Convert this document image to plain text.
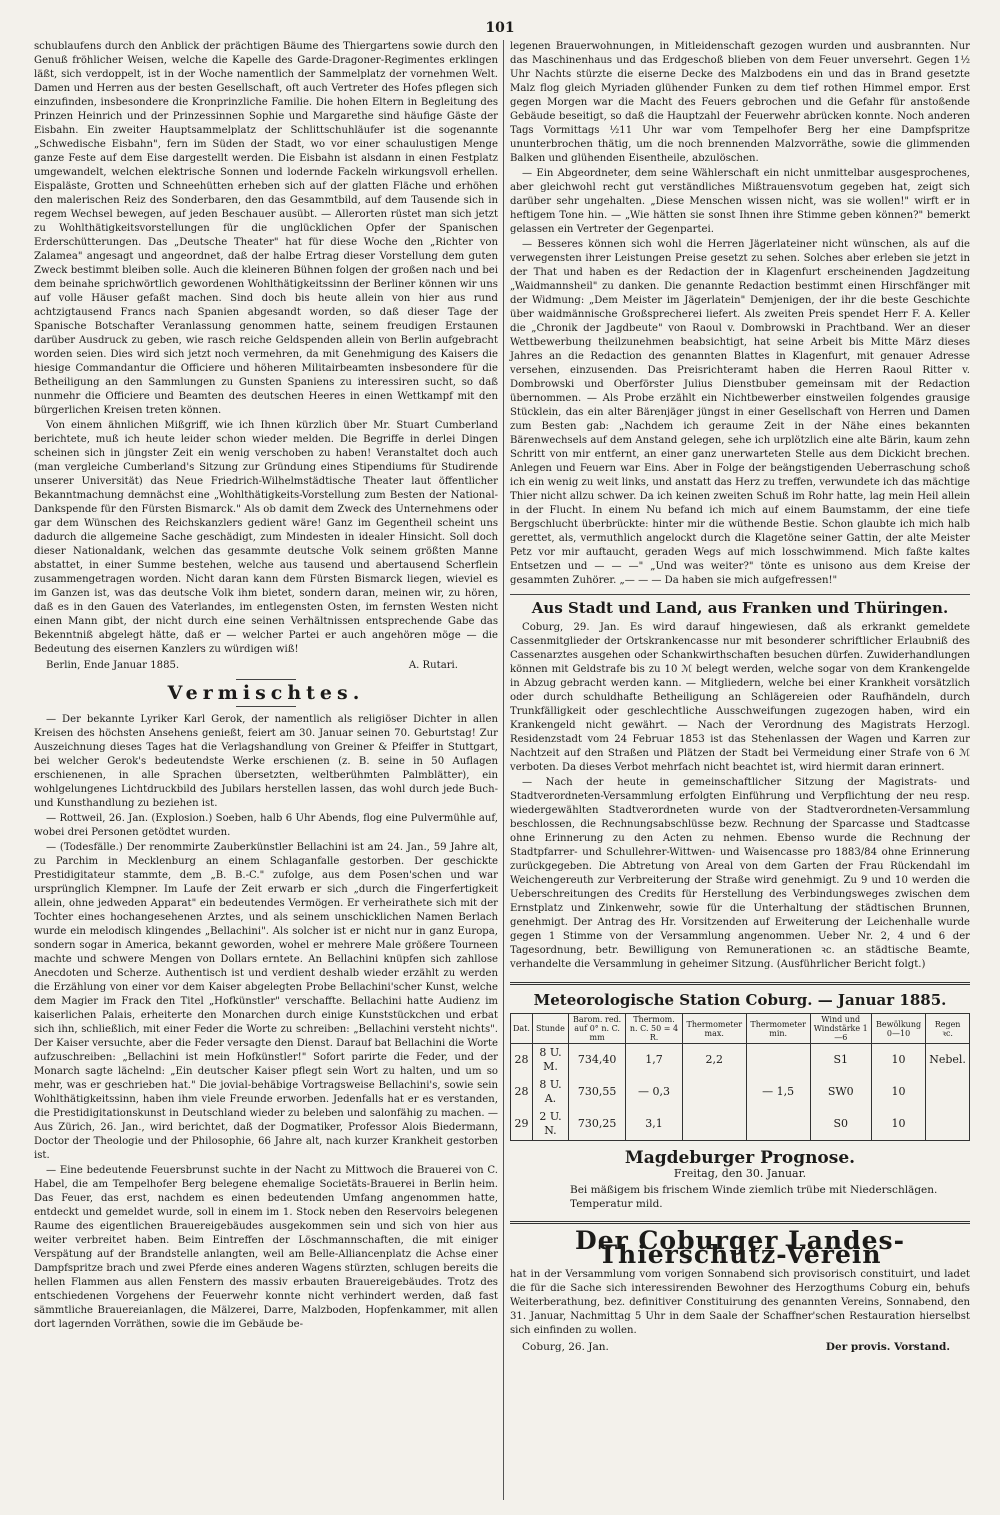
101

schublaufens durch den Anblick der prächtigen Bäume des Thiergartens sowie durch den Genuß fröhlicher Weisen, welche die Kapelle des Garde-Dragoner-Regimentes erklingen läßt, sich verdoppelt, ist in der Woche namentlich der Sammelplatz der vornehmen Welt. Damen und Herren aus der besten Gesellschaft, oft auch Vertreter des Hofes pflegen sich einzufinden, insbesondere die Kronprinzliche Familie. Die hohen Eltern in Begleitung des Prinzen Heinrich und der Prinzessinnen Sophie und Margarethe sind häufige Gäste der Eisbahn. Ein zweiter Hauptsammelplatz der Schlittschuhläufer ist die sogenannte „Schwedische Eisbahn", fern im Süden der Stadt, wo vor einer schaulustigen Menge ganze Feste auf dem Eise dargestellt werden. Die Eisbahn ist alsdann in einen Festplatz umgewandelt, welchen elektrische Sonnen und lodernde Fackeln wirkungsvoll erhellen. Eispaläste, Grotten und Schneehütten erheben sich auf der glatten Fläche und erhöhen den malerischen Reiz des Sonderbaren, den das Gesammtbild, auf dem Tausende sich in regem Wechsel bewegen, auf jeden Beschauer ausübt. — Allerorten rüstet man sich jetzt zu Wohlthätigkeitsvorstellungen für die unglücklichen Opfer der Spanischen Erderschütterungen. Das „Deutsche Theater" hat für diese Woche den „Richter von Zalamea" angesagt und angeordnet, daß der halbe Ertrag dieser Vorstellung dem guten Zweck bestimmt bleiben solle. Auch die kleineren Bühnen folgen der großen nach und bei dem beinahe sprichwörtlich gewordenen Wohlthätigkeitssinn der Berliner können wir uns auf volle Häuser gefaßt machen. Sind doch bis heute allein von hier aus rund achtzigtausend Francs nach Spanien abgesandt worden, so daß dieser Tage der Spanische Botschafter Veranlassung genommen hatte, seinem freudigen Erstaunen darüber Ausdruck zu geben, wie rasch reiche Geldspenden allein von Berlin aufgebracht worden seien. Dies wird sich jetzt noch vermehren, da mit Genehmigung des Kaisers die hiesige Commandantur die Officiere und höheren Militairbeamten insbesondere für die Betheiligung an den Sammlungen zu Gunsten Spaniens zu interessiren sucht, so daß nunmehr die Officiere und Beamten des deutschen Heeres in einen Wettkampf mit den bürgerlichen Kreisen treten können.

Von einem ähnlichen Mißgriff, wie ich Ihnen kürzlich über Mr. Stuart Cumberland berichtete, muß ich heute leider schon wieder melden. Die Begriffe in derlei Dingen scheinen sich in jüngster Zeit ein wenig verschoben zu haben! Veranstaltet doch auch (man vergleiche Cumberland's Sitzung zur Gründung eines Stipendiums für Studirende unserer Universität) das Neue Friedrich-Wilhelmstädtische Theater laut öffentlicher Bekanntmachung demnächst eine „Wohlthätigkeits-Vorstellung zum Besten der National-Dankspende für den Fürsten Bismarck." Als ob damit dem Zweck des Unternehmens oder gar dem Wünschen des Reichskanzlers gedient wäre! Ganz im Gegentheil scheint uns dadurch die allgemeine Sache geschädigt, zum Mindesten in idealer Hinsicht. Soll doch dieser Nationaldank, welchen das gesammte deutsche Volk seinem größten Manne abstattet, in einer Summe bestehen, welche aus tausend und abertausend Scherflein zusammengetragen worden. Nicht daran kann dem Fürsten Bismarck liegen, wieviel es im Ganzen ist, was das deutsche Volk ihm bietet, sondern daran, meinen wir, zu hören, daß es in den Gauen des Vaterlandes, im entlegensten Osten, im fernsten Westen nicht einen Mann gibt, der nicht durch eine seinen Verhältnissen entsprechende Gabe das Bekenntniß abgelegt hätte, daß er — welcher Partei er auch angehören möge — die Bedeutung des eisernen Kanzlers zu würdigen wiß!

Berlin, Ende Januar 1885.	A. Rutari.
Vermischtes.

— Der bekannte Lyriker Karl Gerok, der namentlich als religiöser Dichter in allen Kreisen des höchsten Ansehens genießt, feiert am 30. Januar seinen 70. Geburtstag! Zur Auszeichnung dieses Tages hat die Verlagshandlung von Greiner & Pfeiffer in Stuttgart, bei welcher Gerok's bedeutendste Werke erschienen (z. B. seine in 50 Auflagen erschienenen, in alle Sprachen übersetzten, weltberühmten Palmblätter), ein wohlgelungenes Lichtdruckbild des Jubilars herstellen lassen, das wohl durch jede Buch- und Kunsthandlung zu beziehen ist.

— Rottweil, 26. Jan. (Explosion.) Soeben, halb 6 Uhr Abends, flog eine Pulvermühle auf, wobei drei Personen getödtet wurden.

— (Todesfälle.) Der renommirte Zauberkünstler Bellachini ist am 24. Jan., 59 Jahre alt, zu Parchim in Mecklenburg an einem Schlaganfalle gestorben. Der geschickte Prestidigitateur stammte, dem „B. B.-C." zufolge, aus dem Posen'schen und war ursprünglich Klempner. Im Laufe der Zeit erwarb er sich „durch die Fingerfertigkeit allein, ohne jedweden Apparat" ein bedeutendes Vermögen. Er verheirathete sich mit der Tochter eines hochangesehenen Arztes, und als seinem unschicklichen Namen Berlach wurde ein melodisch klingendes „Bellachini". Als solcher ist er nicht nur in ganz Europa, sondern sogar in America, bekannt geworden, wohel er mehrere Male größere Tourneen machte und schwere Mengen von Dollars erntete. An Bellachini knüpfen sich zahllose Anecdoten und Scherze. Authentisch ist und verdient deshalb wieder erzählt zu werden die Erzählung von einer vor dem Kaiser abgelegten Probe Bellachini'scher Kunst, welche dem Magier im Frack den Titel „Hofkünstler" verschaffte. Bellachini hatte Audienz im kaiserlichen Palais, erheiterte den Monarchen durch einige Kunststückchen und erbat sich ihn, schließlich, mit einer Feder die Worte zu schreiben: „Bellachini versteht nichts". Der Kaiser versuchte, aber die Feder versagte den Dienst. Darauf bat Bellachini die Worte aufzuschreiben: „Bellachini ist mein Hofkünstler!" Sofort parirte die Feder, und der Monarch sagte lächelnd: „Ein deutscher Kaiser pflegt sein Wort zu halten, und um so mehr, was er geschrieben hat." Die jovial-behäbige Vortragsweise Bellachini's, sowie sein Wohlthätigkeitssinn, haben ihm viele Freunde erworben. Jedenfalls hat er es verstanden, die Prestidigitationskunst in Deutschland wieder zu beleben und salonfähig zu machen. — Aus Zürich, 26. Jan., wird berichtet, daß der Dogmatiker, Professor Alois Biedermann, Doctor der Theologie und der Philosophie, 66 Jahre alt, nach kurzer Krankheit gestorben ist.

— Eine bedeutende Feuersbrunst suchte in der Nacht zu Mittwoch die Brauerei von C. Habel, die am Tempelhofer Berg belegene ehemalige Societäts-Brauerei in Berlin heim. Das Feuer, das erst, nachdem es einen bedeutenden Umfang angenommen hatte, entdeckt und gemeldet wurde, soll in einem im 1. Stock neben den Reservoirs belegenen Raume des eigentlichen Brauereigebäudes ausgekommen sein und sich von hier aus weiter verbreitet haben. Beim Eintreffen der Löschmannschaften, die mit einiger Verspätung auf der Brandstelle anlangten, weil am Belle-Alliancenplatz die Achse einer Dampfspritze brach und zwei Pferde eines anderen Wagens stürzten, schlugen bereits die hellen Flammen aus allen Fenstern des massiv erbauten Brauereigebäudes. Trotz des entschiedenen Vorgehens der Feuerwehr konnte nicht verhindert werden, daß fast sämmtliche Brauereianlagen, die Mälzerei, Darre, Malzboden, Hopfenkammer, mit allen dort lagernden Vorräthen, sowie die im Gebäude be-

legenen Brauerwohnungen, in Mitleidenschaft gezogen wurden und ausbrannten. Nur das Maschinenhaus und das Erdgeschoß blieben von dem Feuer unversehrt. Gegen 1½ Uhr Nachts stürzte die eiserne Decke des Malzbodens ein und das in Brand gesetzte Malz flog gleich Myriaden glühender Funken zu dem tief rothen Himmel empor. Erst gegen Morgen war die Macht des Feuers gebrochen und die Gefahr für anstoßende Gebäude beseitigt, so daß die Hauptzahl der Feuerwehr abrücken konnte. Noch anderen Tags Vormittags ½11 Uhr war vom Tempelhofer Berg her eine Dampfspritze ununterbrochen thätig, um die noch brennenden Malzvorräthe, sowie die glimmenden Balken und glühenden Eisentheile, abzulöschen.

— Ein Abgeordneter, dem seine Wählerschaft ein nicht unmittelbar ausgesprochenes, aber gleichwohl recht gut verständliches Mißtrauensvotum gegeben hat, zeigt sich darüber sehr ungehalten. „Diese Menschen wissen nicht, was sie wollen!" wirft er in heftigem Tone hin. — „Wie hätten sie sonst Ihnen ihre Stimme geben können?" bemerkt gelassen ein Vertreter der Gegenpartei.

— Besseres können sich wohl die Herren Jägerlateiner nicht wünschen, als auf die verwegensten ihrer Leistungen Preise gesetzt zu sehen. Solches aber erleben sie jetzt in der That und haben es der Redaction der in Klagenfurt erscheinenden Jagdzeitung „Waidmannsheil" zu danken. Die genannte Redaction bestimmt einen Hirschfänger mit der Widmung: „Dem Meister im Jägerlatein" Demjenigen, der ihr die beste Geschichte über waidmännische Großsprecherei liefert. Als zweiten Preis spendet Herr F. A. Keller die „Chronik der Jagdbeute" von Raoul v. Dombrowski in Prachtband. Wer an dieser Wettbewerbung theilzunehmen beabsichtigt, hat seine Arbeit bis Mitte März dieses Jahres an die Redaction des genannten Blattes in Klagenfurt, mit genauer Adresse versehen, einzusenden. Das Preisrichteramt haben die Herren Raoul Ritter v. Dombrowski und Oberförster Julius Dienstbuber gemeinsam mit der Redaction übernommen. — Als Probe erzählt ein Nichtbewerber einstweilen folgendes grausige Stücklein, das ein alter Bärenjäger jüngst in einer Gesellschaft von Herren und Damen zum Besten gab: „Nachdem ich geraume Zeit in der Nähe eines bekannten Bärenwechsels auf dem Anstand gelegen, sehe ich urplötzlich eine alte Bärin, kaum zehn Schritt von mir entfernt, an einer ganz unerwarteten Stelle aus dem Dickicht brechen. Anlegen und Feuern war Eins. Aber in Folge der beängstigenden Ueberraschung schoß ich ein wenig zu weit links, und anstatt das Herz zu treffen, verwundete ich das mächtige Thier nicht allzu schwer. Da ich keinen zweiten Schuß im Rohr hatte, lag mein Heil allein in der Flucht. In einem Nu befand ich mich auf einem Baumstamm, der eine tiefe Bergschlucht überbrückte: hinter mir die wüthende Bestie. Schon glaubte ich mich halb gerettet, als, vermuthlich angelockt durch die Klagetöne seiner Gattin, der alte Meister Petz vor mir auftaucht, geraden Wegs auf mich losschwimmend. Mich faßte kaltes Entsetzen und — — —" „Und was weiter?" tönte es unisono aus dem Kreise der gesammten Zuhörer. „— — — Da haben sie mich aufgefressen!"

Aus Stadt und Land, aus Franken und Thüringen.

Coburg, 29. Jan. Es wird darauf hingewiesen, daß als erkrankt gemeldete Cassenmitglieder der Ortskrankencasse nur mit besonderer schriftlicher Erlaubniß des Cassenarztes ausgehen oder Schankwirthschaften besuchen dürfen. Zuwiderhandlungen können mit Geldstrafe bis zu 10 ℳ belegt werden, welche sogar von dem Krankengelde in Abzug gebracht werden kann. — Mitgliedern, welche bei einer Krankheit vorsätzlich oder durch schuldhafte Betheiligung an Schlägereien oder Raufhändeln, durch Trunkfälligkeit oder geschlechtliche Ausschweifungen zugezogen haben, wird ein Krankengeld nicht gewährt. — Nach der Verordnung des Magistrats Herzogl. Residenzstadt vom 24 Februar 1853 ist das Stehenlassen der Wagen und Karren zur Nachtzeit auf den Straßen und Plätzen der Stadt bei Vermeidung einer Strafe von 6 ℳ verboten. Da dieses Verbot mehrfach nicht beachtet ist, wird hiermit daran erinnert.

— Nach der heute in gemeinschaftlicher Sitzung der Magistrats- und Stadtverordneten-Versammlung erfolgten Einführung und Verpflichtung der neu resp. wiedergewählten Stadtverordneten wurde von der Stadtverordneten-Versammlung beschlossen, die Rechnungsabschlüsse bezw. Rechnung der Sparcasse und Stadtcasse ohne Erinnerung zu den Acten zu nehmen. Ebenso wurde die Rechnung der Stadtpfarrer- und Schullehrer-Wittwen- und Waisencasse pro 1883/84 ohne Erinnerung zurückgegeben. Die Abtretung von Areal von dem Garten der Frau Rückendahl im Weichengereuth zur Verbreiterung der Straße wird genehmigt. Zu 9 und 10 werden die Ueberschreitungen des Credits für Herstellung des Verbindungsweges zwischen dem Ernstplatz und Zinkenwehr, sowie für die Unterhaltung der städtischen Brunnen, genehmigt. Der Antrag des Hr. Vorsitzenden auf Erweiterung der Leichenhalle wurde gegen 1 Stimme von der Versammlung angenommen. Ueber Nr. 2, 4 und 6 der Tagesordnung, betr. Bewilligung von Remunerationen ꝛc. an städtische Beamte, verhandelte die Versammlung in geheimer Sitzung. (Ausführlicher Bericht folgt.)

Meteorologische Station Coburg. — Januar 1885.
Dat.	Stunde	Barom. red. auf 0° n. C. mm	Thermom. n. C. 50 = 4 R.	Thermometer max.	Thermometer min.	Wind und Windstärke 1—6	Bewölkung 0—10	Regen ꝛc.
28	8 U. M.	734,40	1,7	2,2		S1	10	Nebel.
28	8 U. A.	730,55	— 0,3		— 1,5	SW0	10	
29	2 U. N.	730,25	3,1			S0	10	
Magdeburger Prognose.
Freitag, den 30. Januar.
Bei mäßigem bis frischem Winde ziemlich trübe mit Niederschlägen. Temperatur mild.
Der Coburger Landes-Thierschutz-Verein

hat in der Versammlung vom vorigen Sonnabend sich provisorisch constituirt, und ladet die für die Sache sich interessirenden Bewohner des Herzogthums Coburg ein, behufs Weiterberathung, bez. definitiver Constituirung des genannten Vereins, Sonnabend, den 31. Januar, Nachmittag 5 Uhr in dem Saale der Schaffner'schen Restauration hierselbst sich einfinden zu wollen.

Coburg, 26. Jan.	Der provis. Vorstand.
